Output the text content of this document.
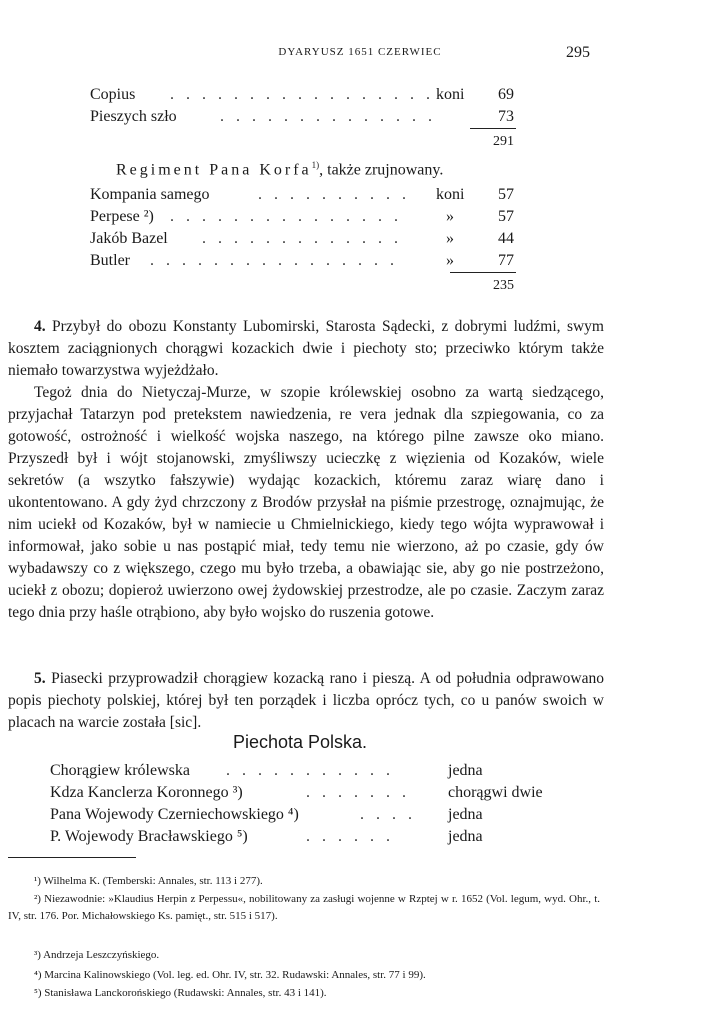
DYARYUSZ 1651 CZERWIEC	295
Copius . . . . . . . . . . . . . . . . . koni	69
Pieszych szło	. . . . . . . . . . . . . .	73
291
Regiment Pana Korfa$^{1)}$, także zrujnowany.
Kompania samego	. . . . . . . . . .	koni	57
Perpese ²) . . . . . . . . . . . . . . .	»	57
Jakób Bazel . . . . . . . . . . . . .	»	44
Butler . . . . . . . . . . . . . . . .	»	77
235

4. Przybył do obozu Konstanty Lubomirski, Starosta Sądecki, z dobrymi ludźmi, swym kosztem zaciągnionych chorągwi kozackich dwie i piechoty sto; przeciwko którym także niemało towarzystwa wyjeżdżało.

Tegoż dnia do Nietyczaj-Murze, w szopie królewskiej osobno za wartą siedzącego, przyjachał Tatarzyn pod pretekstem nawiedzenia, re vera jednak dla szpiegowania, co za gotowość, ostrożność i wielkość wojska naszego, na którego pilne zawsze oko miano. Przyszedł był i wójt stojanowski, zmyśliwszy ucieczkę z więzienia od Kozaków, wiele sekretów (a wszytko fałszywie) wydając kozackich, któremu zaraz wiarę dano i ukontentowano. A gdy żyd chrzczony z Brodów przysłał na piśmie przestrogę, oznajmując, że nim uciekł od Kozaków, był w namiecie u Chmielnickiego, kiedy tego wójta wyprawował i informował, jako sobie u nas postąpić miał, tedy temu nie wierzono, aż po czasie, gdy ów wybadawszy co z większego, czego mu było trzeba, a obawiając sie, aby go nie postrzeżono, uciekł z obozu; dopieroż uwierzono owej żydowskiej przestrodze, ale po czasie. Zaczym zaraz tego dnia przy haśle otrąbiono, aby było wojsko do ruszenia gotowe.

5. Piasecki przyprowadził chorągiew kozacką rano i pieszą. A od południa odprawowano popis piechoty polskiej, której był ten porządek i liczba oprócz tych, co u panów swoich w placach na warcie została [sic].

Piechota Polska.
Chorągiew królewska . . . . . . . . . . .	jedna
Kdza Kanclerza Koronnego ³)	. . . . . . .	chorągwi dwie
Pana Wojewody Czerniechowskiego ⁴)	. . . .	jedna
P. Wojewody Bracławskiego ⁵)	. . . . . .	jedna

¹) Wilhelma K. (Temberski: Annales, str. 113 i 277).

²) Niezawodnie: »Klaudius Herpin z Perpessu«, nobilitowany za zasługi wojenne w Rzptej w r. 1652 (Vol. legum, wyd. Ohr., t. IV, str. 176. Por. Michałowskiego Ks. pamięt., str. 515 i 517).

³) Andrzeja Leszczyńskiego.

⁴) Marcina Kalinowskiego (Vol. leg. ed. Ohr. IV, str. 32. Rudawski: Annales, str. 77 i 99).

⁵) Stanisława Lanckorońskiego (Rudawski: Annales, str. 43 i 141).
